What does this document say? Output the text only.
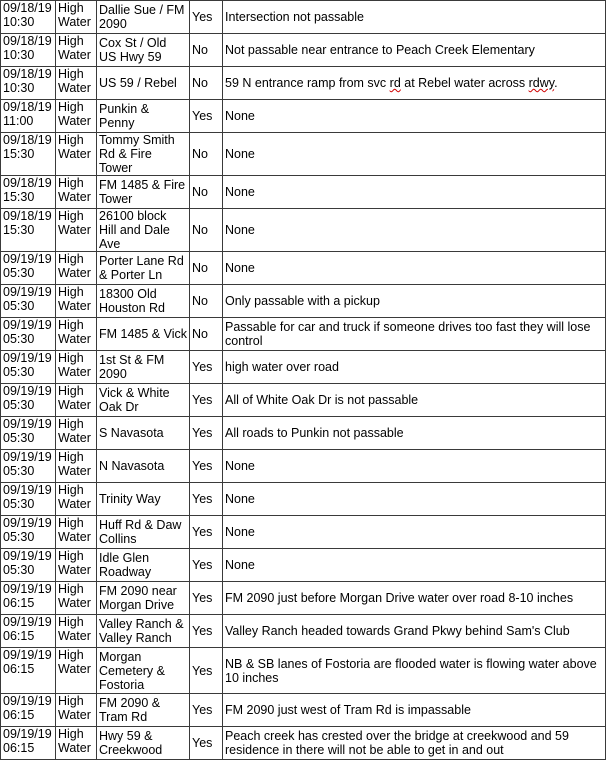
09/18/19 10:30	High Water	Dallie Sue / FM 2090	Yes	Intersection not passable
09/18/19 10:30	High Water	Cox St / Old US Hwy 59	No	Not passable near entrance to Peach Creek Elementary
09/18/19 10:30	High Water	US 59 / Rebel	No	59 N entrance ramp from svc rd at Rebel water across rdwy.
09/18/19 11:00	High Water	Punkin & Penny	Yes	None
09/18/19 15:30	High Water	Tommy Smith Rd & Fire Tower	No	None
09/18/19 15:30	High Water	FM 1485 & Fire Tower	No	None
09/18/19 15:30	High Water	26100 block Hill and Dale Ave	No	None
09/19/19 05:30	High Water	Porter Lane Rd & Porter Ln	No	None
09/19/19 05:30	High Water	18300 Old Houston Rd	No	Only passable with a pickup
09/19/19 05:30	High Water	FM 1485 & Vick	No	Passable for car and truck if someone drives too fast they will lose control
09/19/19 05:30	High Water	1st St & FM 2090	Yes	high water over road
09/19/19 05:30	High Water	Vick & White Oak Dr	Yes	All of White Oak Dr is not passable
09/19/19 05:30	High Water	S Navasota	Yes	All roads to Punkin not passable
09/19/19 05:30	High Water	N Navasota	Yes	None
09/19/19 05:30	High Water	Trinity Way	Yes	None
09/19/19 05:30	High Water	Huff Rd & Daw Collins	Yes	None
09/19/19 05:30	High Water	Idle Glen Roadway	Yes	None
09/19/19 06:15	High Water	FM 2090 near Morgan Drive	Yes	FM 2090 just before Morgan Drive water over road 8-10 inches
09/19/19 06:15	High Water	Valley Ranch & Valley Ranch	Yes	Valley Ranch headed towards Grand Pkwy behind Sam's Club
09/19/19 06:15	High Water	Morgan Cemetery & Fostoria	Yes	NB & SB lanes of Fostoria are flooded water is flowing water above 10 inches
09/19/19 06:15	High Water	FM 2090 & Tram Rd	Yes	FM 2090 just west of Tram Rd is impassable
09/19/19 06:15	High Water	Hwy 59 & Creekwood	Yes	Peach creek has crested over the bridge at creekwood and 59 residence in there will not be able to get in and out
